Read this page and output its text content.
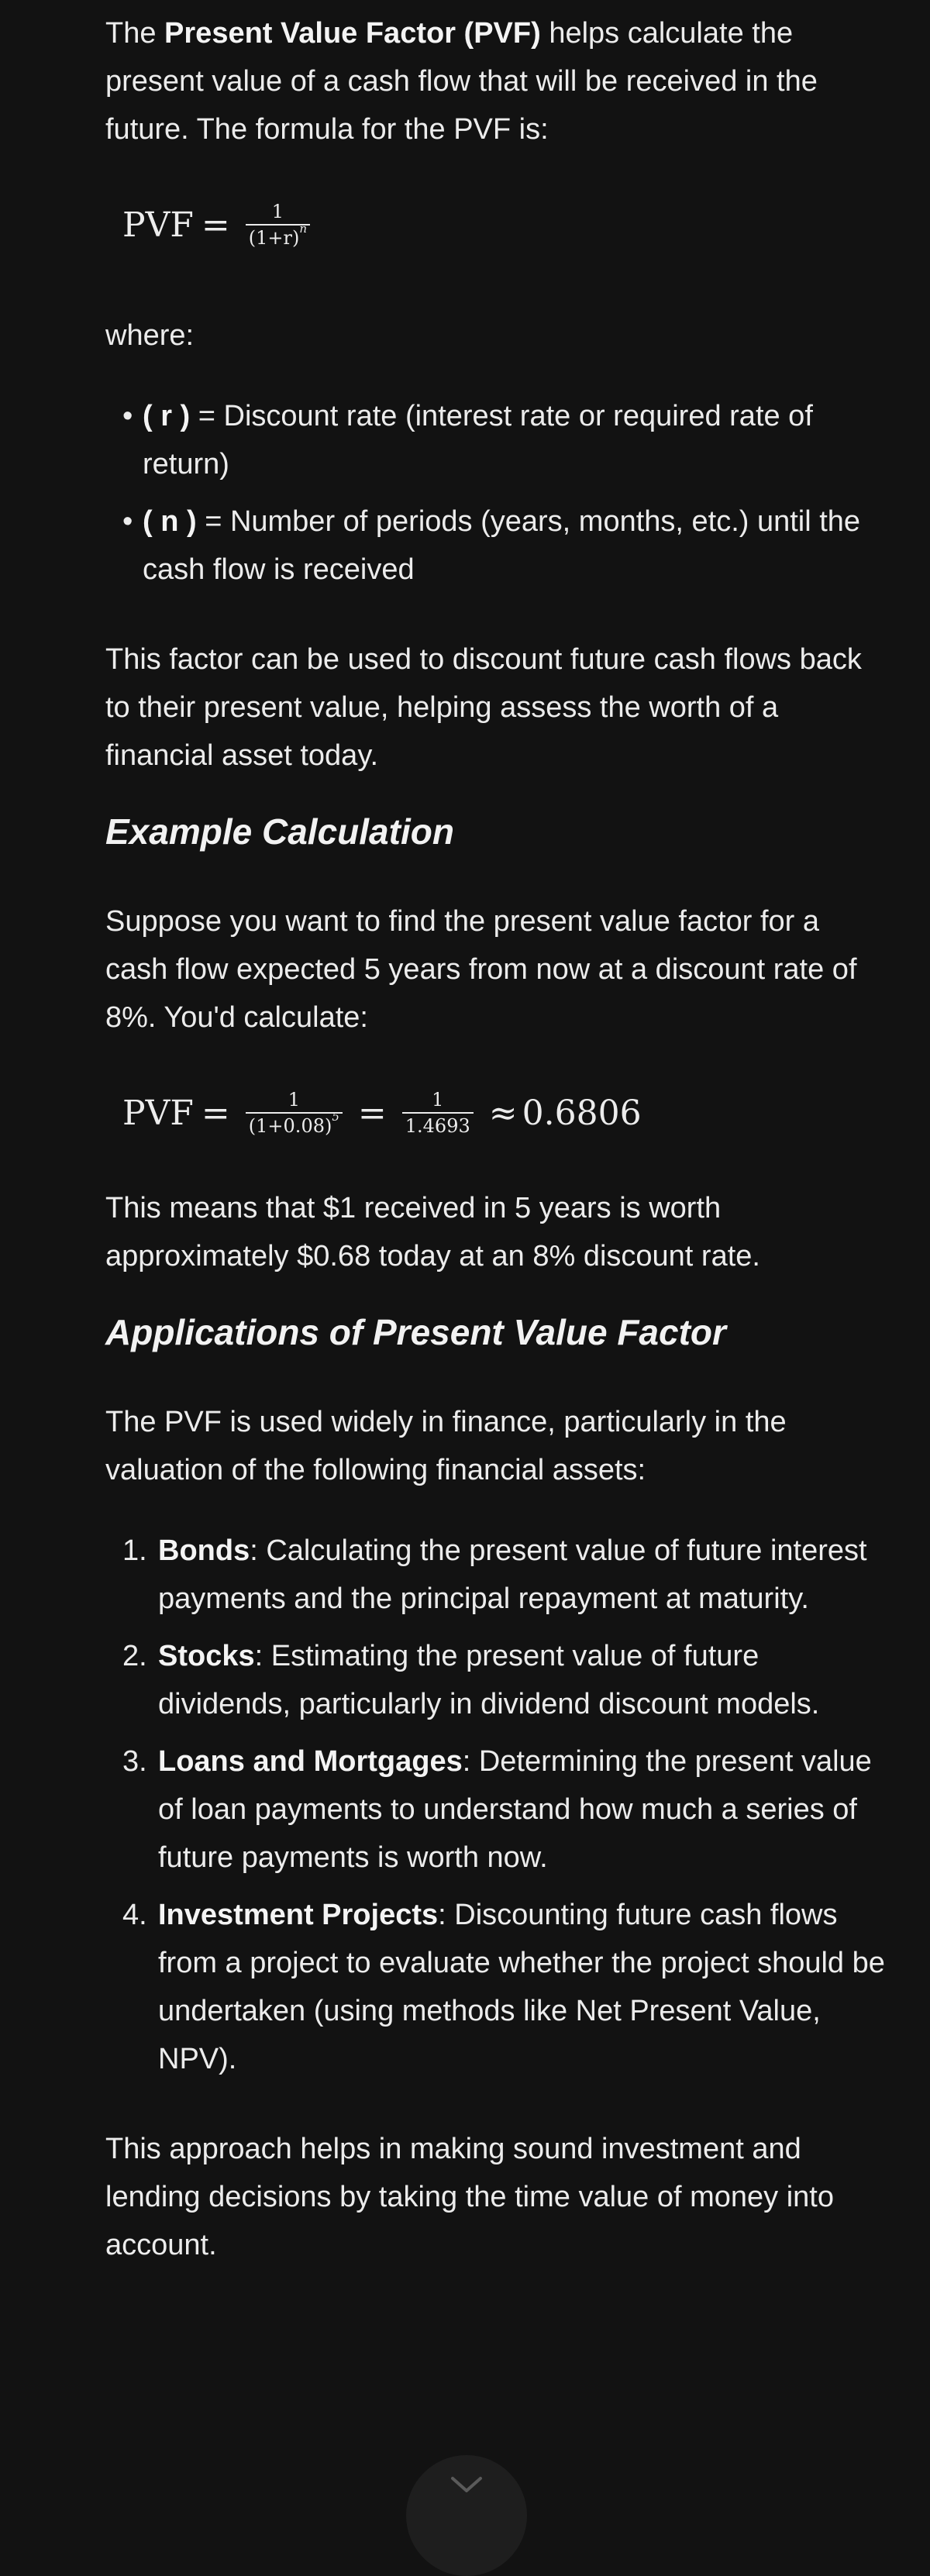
The Present Value Factor (PVF) helps calculate the present value of a cash flow that will be received in the future. The formula for the PVF is:

PVF = $\frac{1}{(1+r)^n}$

where:

• ( r ) = Discount rate (interest rate or required rate of return)
• ( n ) = Number of periods (years, months, etc.) until the cash flow is received

This factor can be used to discount future cash flows back to their present value, helping assess the worth of a financial asset today.

Example Calculation

Suppose you want to find the present value factor for a cash flow expected 5 years from now at a discount rate of 8%. You'd calculate:

PVF = $\frac{1}{(1+0.08)^5} = \frac{1}{1.4693} \approx 0.6806$

This means that $1 received in 5 years is worth approximately $0.68 today at an 8% discount rate.

Applications of Present Value Factor

The PVF is used widely in finance, particularly in the valuation of the following financial assets:

1. Bonds: Calculating the present value of future interest payments and the principal repayment at maturity.
2. Stocks: Estimating the present value of future dividends, particularly in dividend discount models.
3. Loans and Mortgages: Determining the present value of loan payments to understand how much a series of future payments is worth now.
4. Investment Projects: Discounting future cash flows from a project to evaluate whether the project should be undertaken (using methods like Net Present Value, NPV).

This approach helps in making sound investment and lending decisions by taking the time value of money into account.
